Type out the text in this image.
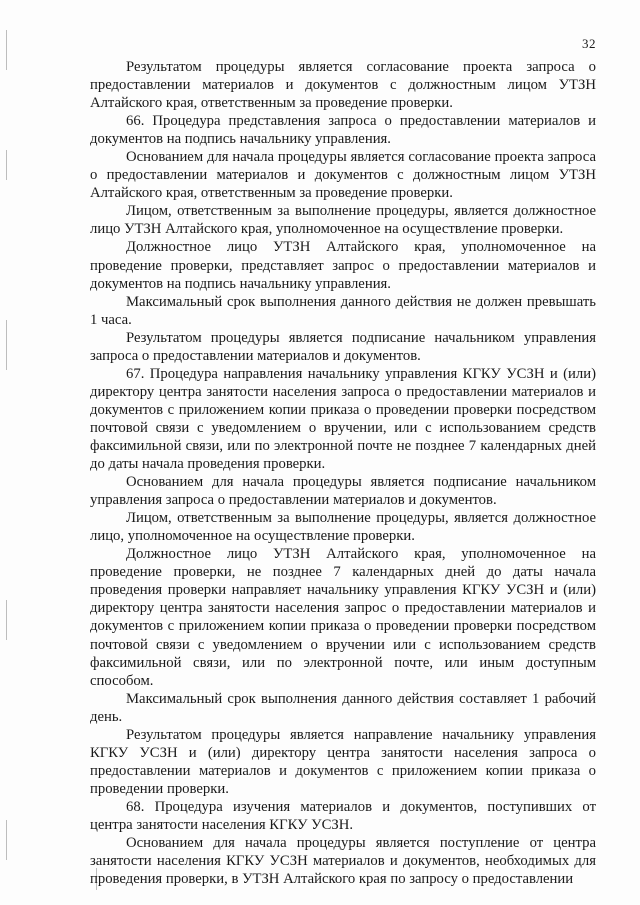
32

Результатом процедуры является согласование проекта запроса о предоставлении материалов и документов с должностным лицом УТЗН Алтайского края, ответственным за проведение проверки.

66. Процедура представления запроса о предоставлении материалов и документов на подпись начальнику управления.

Основанием для начала процедуры является согласование проекта запроса о предоставлении материалов и документов с должностным лицом УТЗН Алтайского края, ответственным за проведение проверки.

Лицом, ответственным за выполнение процедуры, является должностное лицо УТЗН Алтайского края, уполномоченное на осуществление проверки.

Должностное лицо УТЗН Алтайского края, уполномоченное на проведение проверки, представляет запрос о предоставлении материалов и документов на подпись начальнику управления.

Максимальный срок выполнения данного действия не должен превышать 1 часа.

Результатом процедуры является подписание начальником управления запроса о предоставлении материалов и документов.

67. Процедура направления начальнику управления КГКУ УСЗН и (или) директору центра занятости населения запроса о предоставлении материалов и документов с приложением копии приказа о проведении проверки посредством почтовой связи с уведомлением о вручении, или с использованием средств факсимильной связи, или по электронной почте не позднее 7 календарных дней до даты начала проведения проверки.

Основанием для начала процедуры является подписание начальником управления запроса о предоставлении материалов и документов.

Лицом, ответственным за выполнение процедуры, является должностное лицо, уполномоченное на осуществление проверки.

Должностное лицо УТЗН Алтайского края, уполномоченное на проведение проверки, не позднее 7 календарных дней до даты начала проведения проверки направляет начальнику управления КГКУ УСЗН и (или) директору центра занятости населения запрос о предоставлении материалов и документов с приложением копии приказа о проведении проверки посредством почтовой связи с уведомлением о вручении или с использованием средств факсимильной связи, или по электронной почте, или иным доступным способом.

Максимальный срок выполнения данного действия составляет 1 рабочий день.

Результатом процедуры является направление начальнику управления КГКУ УСЗН и (или) директору центра занятости населения запроса о предоставлении материалов и документов с приложением копии приказа о проведении проверки.

68. Процедура изучения материалов и документов, поступивших от центра занятости населения КГКУ УСЗН.

Основанием для начала процедуры является поступление от центра занятости населения КГКУ УСЗН материалов и документов, необходимых для проведения проверки, в УТЗН Алтайского края по запросу о предоставлении
